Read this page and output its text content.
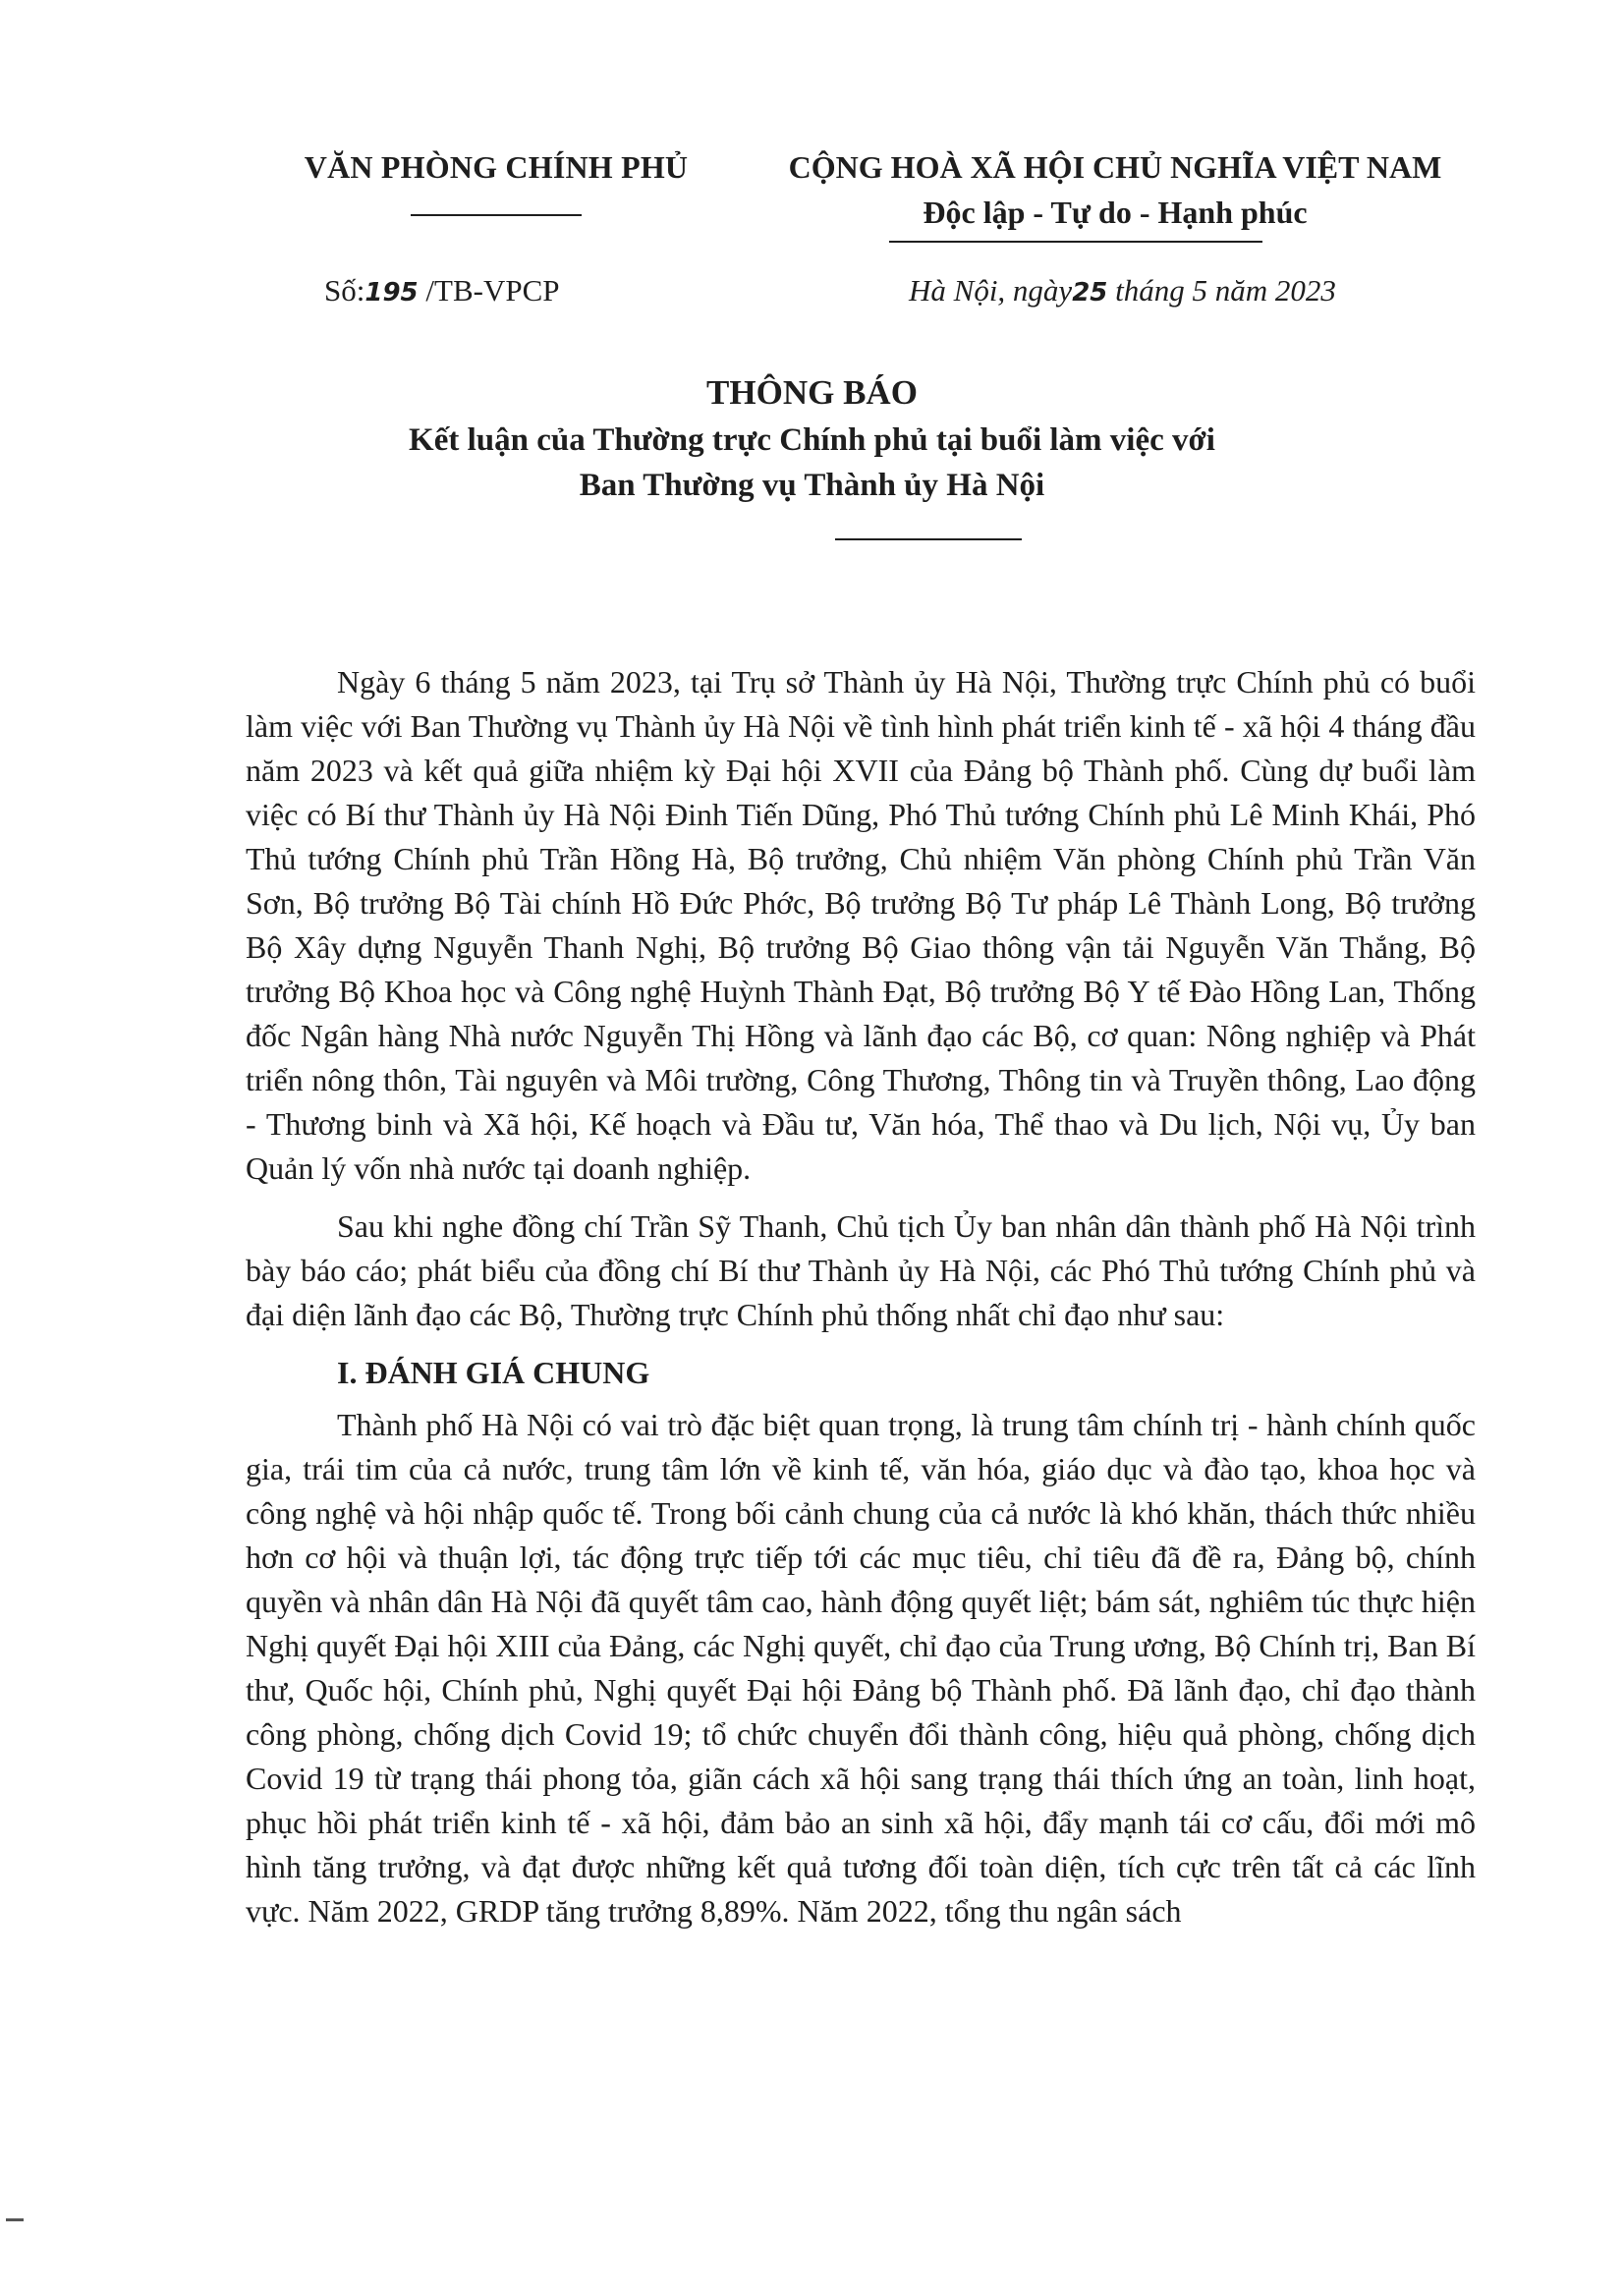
VĂN PHÒNG CHÍNH PHỦ	CỘNG HOÀ XÃ HỘI CHỦ NGHĨA VIỆT NAM
Độc lập - Tự do - Hạnh phúc
Số:195 /TB-VPCP	Hà Nội, ngày25 tháng 5 năm 2023
THÔNG BÁO
Kết luận của Thường trực Chính phủ tại buổi làm việc với
Ban Thường vụ Thành ủy Hà Nội

Ngày 6 tháng 5 năm 2023, tại Trụ sở Thành ủy Hà Nội, Thường trực Chính phủ có buổi làm việc với Ban Thường vụ Thành ủy Hà Nội về tình hình phát triển kinh tế - xã hội 4 tháng đầu năm 2023 và kết quả giữa nhiệm kỳ Đại hội XVII của Đảng bộ Thành phố. Cùng dự buổi làm việc có Bí thư Thành ủy Hà Nội Đinh Tiến Dũng, Phó Thủ tướng Chính phủ Lê Minh Khái, Phó Thủ tướng Chính phủ Trần Hồng Hà, Bộ trưởng, Chủ nhiệm Văn phòng Chính phủ Trần Văn Sơn, Bộ trưởng Bộ Tài chính Hồ Đức Phớc, Bộ trưởng Bộ Tư pháp Lê Thành Long, Bộ trưởng Bộ Xây dựng Nguyễn Thanh Nghị, Bộ trưởng Bộ Giao thông vận tải Nguyễn Văn Thắng, Bộ trưởng Bộ Khoa học và Công nghệ Huỳnh Thành Đạt, Bộ trưởng Bộ Y tế Đào Hồng Lan, Thống đốc Ngân hàng Nhà nước Nguyễn Thị Hồng và lãnh đạo các Bộ, cơ quan: Nông nghiệp và Phát triển nông thôn, Tài nguyên và Môi trường, Công Thương, Thông tin và Truyền thông, Lao động - Thương binh và Xã hội, Kế hoạch và Đầu tư, Văn hóa, Thể thao và Du lịch, Nội vụ, Ủy ban Quản lý vốn nhà nước tại doanh nghiệp.

Sau khi nghe đồng chí Trần Sỹ Thanh, Chủ tịch Ủy ban nhân dân thành phố Hà Nội trình bày báo cáo; phát biểu của đồng chí Bí thư Thành ủy Hà Nội, các Phó Thủ tướng Chính phủ và đại diện lãnh đạo các Bộ, Thường trực Chính phủ thống nhất chỉ đạo như sau:

I. ĐÁNH GIÁ CHUNG

Thành phố Hà Nội có vai trò đặc biệt quan trọng, là trung tâm chính trị - hành chính quốc gia, trái tim của cả nước, trung tâm lớn về kinh tế, văn hóa, giáo dục và đào tạo, khoa học và công nghệ và hội nhập quốc tế. Trong bối cảnh chung của cả nước là khó khăn, thách thức nhiều hơn cơ hội và thuận lợi, tác động trực tiếp tới các mục tiêu, chỉ tiêu đã đề ra, Đảng bộ, chính quyền và nhân dân Hà Nội đã quyết tâm cao, hành động quyết liệt; bám sát, nghiêm túc thực hiện Nghị quyết Đại hội XIII của Đảng, các Nghị quyết, chỉ đạo của Trung ương, Bộ Chính trị, Ban Bí thư, Quốc hội, Chính phủ, Nghị quyết Đại hội Đảng bộ Thành phố. Đã lãnh đạo, chỉ đạo thành công phòng, chống dịch Covid 19; tổ chức chuyển đổi thành công, hiệu quả phòng, chống dịch Covid 19 từ trạng thái phong tỏa, giãn cách xã hội sang trạng thái thích ứng an toàn, linh hoạt, phục hồi phát triển kinh tế - xã hội, đảm bảo an sinh xã hội, đẩy mạnh tái cơ cấu, đổi mới mô hình tăng trưởng, và đạt được những kết quả tương đối toàn diện, tích cực trên tất cả các lĩnh vực. Năm 2022, GRDP tăng trưởng 8,89%. Năm 2022, tổng thu ngân sách
